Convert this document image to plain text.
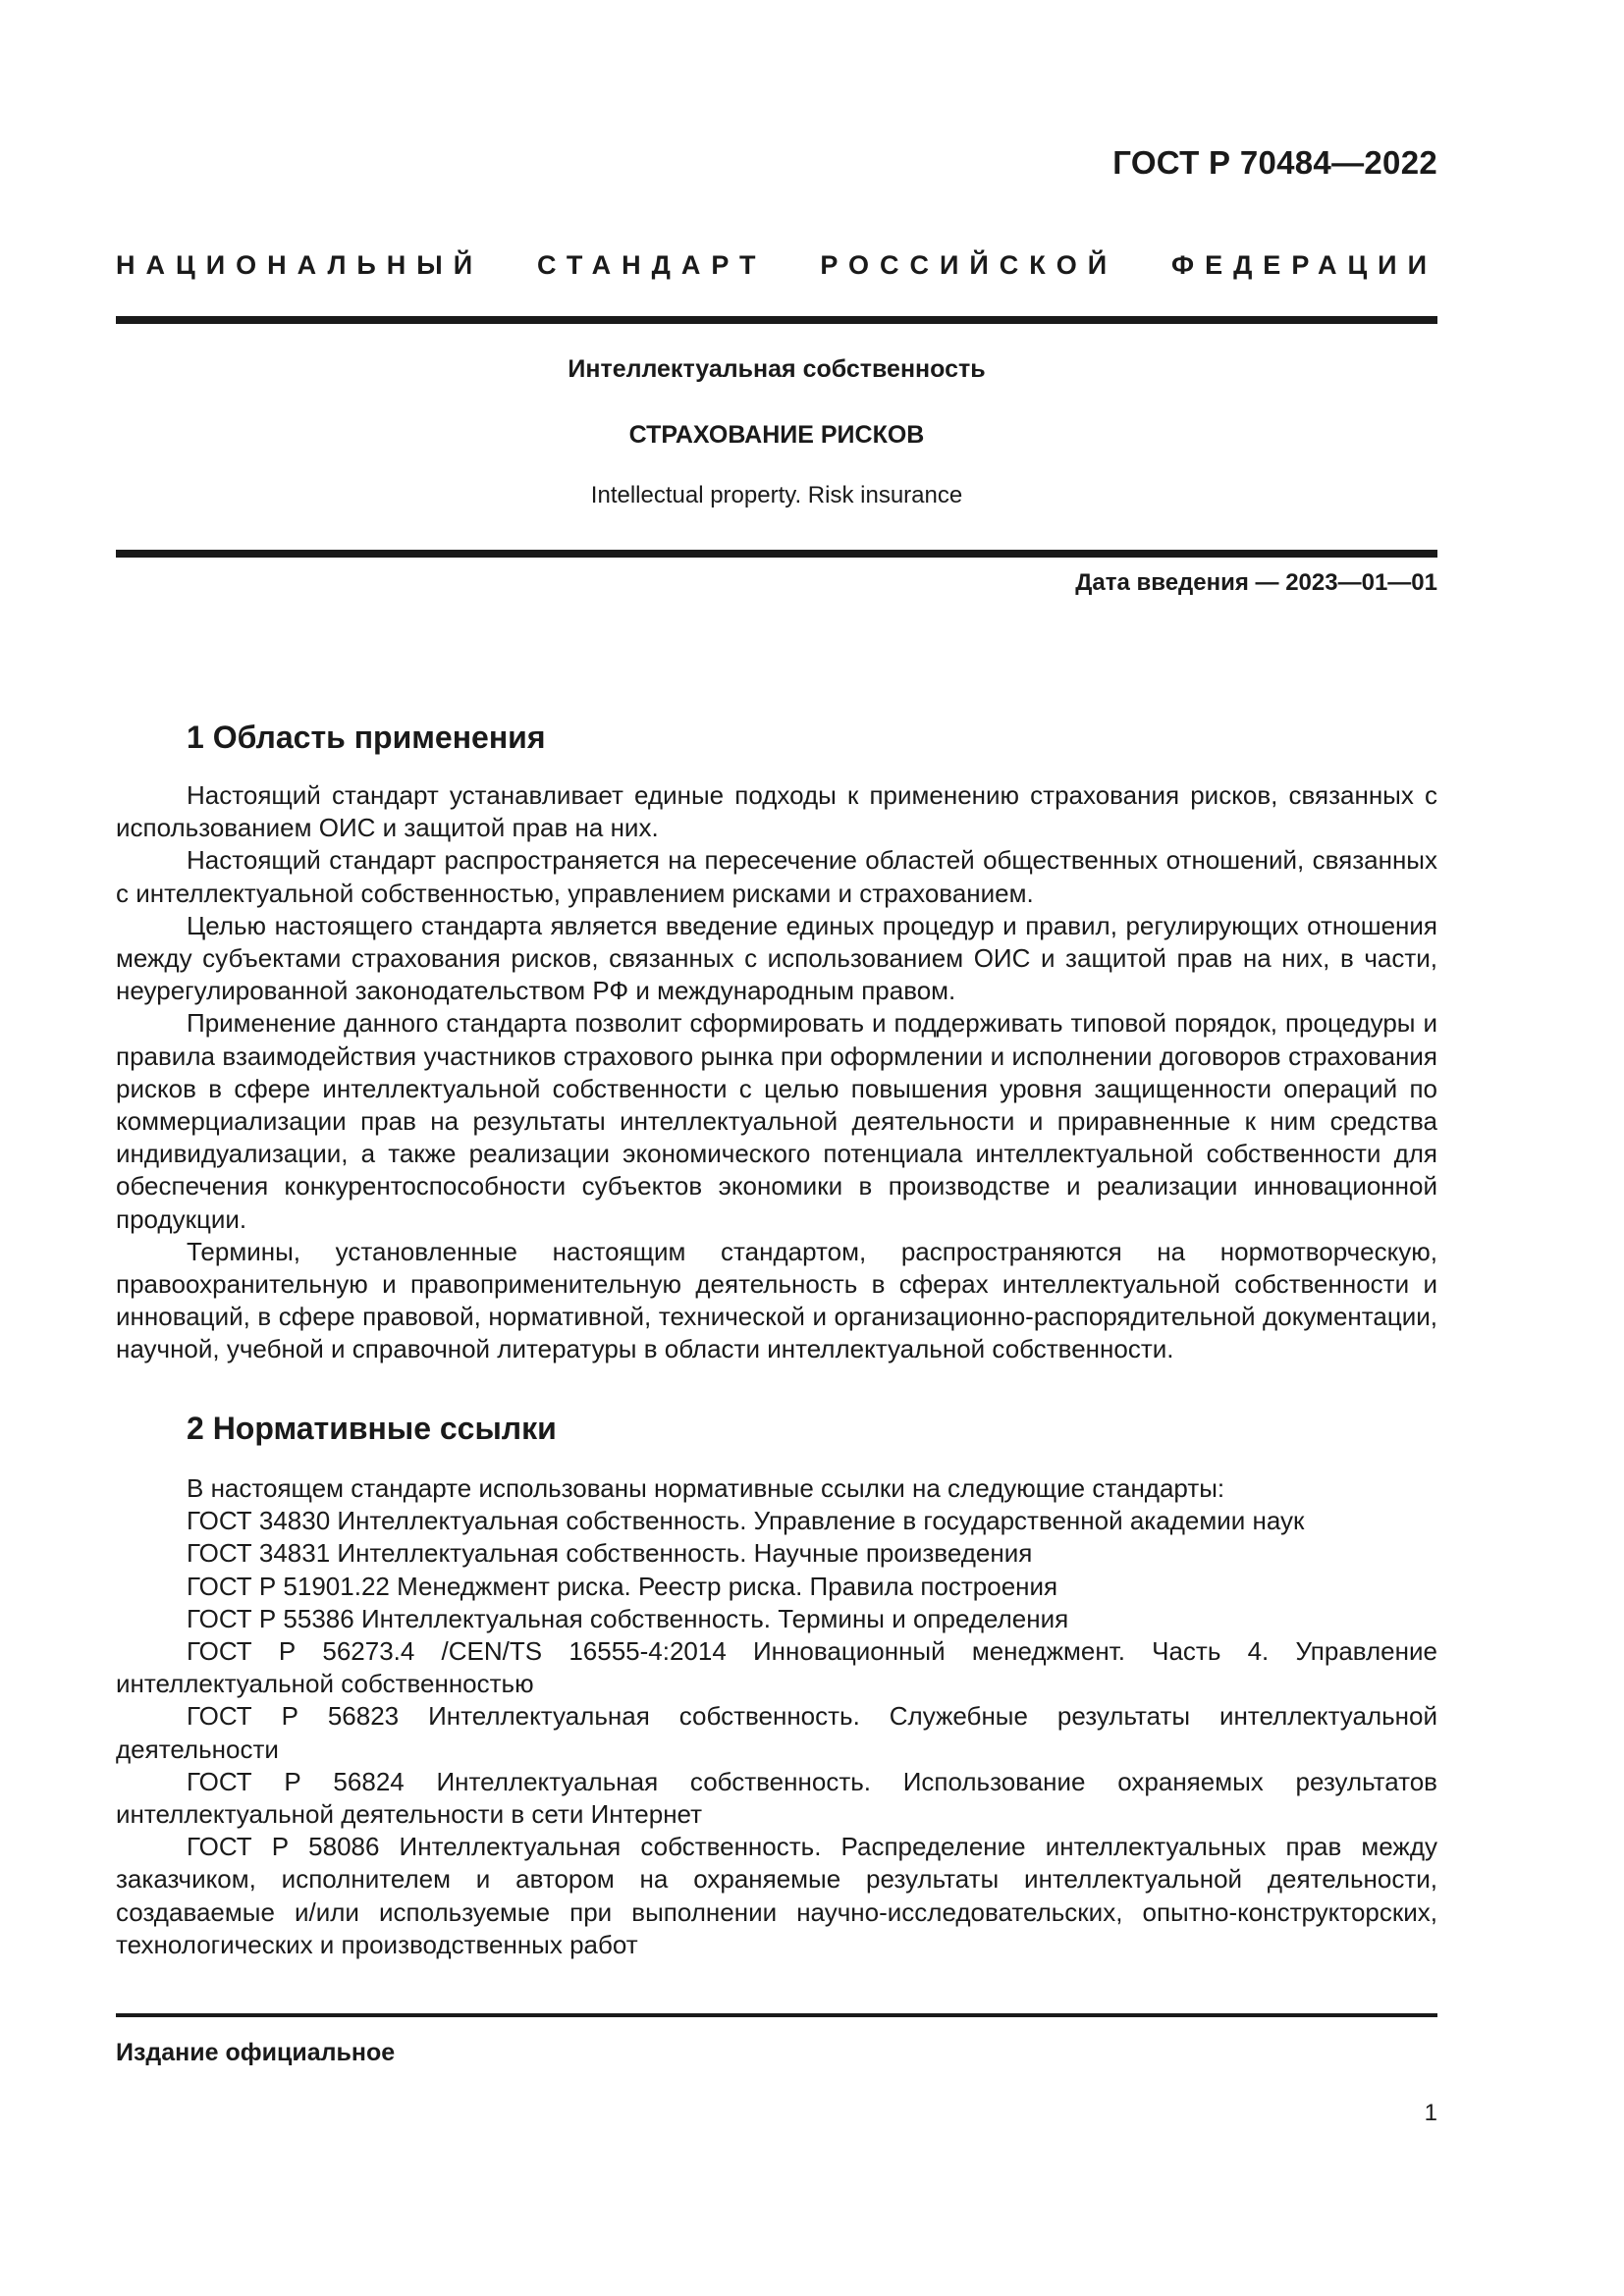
ГОСТ Р 70484—2022
НАЦИОНАЛЬНЫЙ СТАНДАРТ РОССИЙСКОЙ ФЕДЕРАЦИИ
Интеллектуальная собственность
СТРАХОВАНИЕ РИСКОВ
Intellectual property. Risk insurance
Дата введения — 2023—01—01
1 Область применения

Настоящий стандарт устанавливает единые подходы к применению страхования рисков, связанных с использованием ОИС и защитой прав на них.

Настоящий стандарт распространяется на пересечение областей общественных отношений, связанных с интеллектуальной собственностью, управлением рисками и страхованием.

Целью настоящего стандарта является введение единых процедур и правил, регулирующих отношения между субъектами страхования рисков, связанных с использованием ОИС и защитой прав на них, в части, неурегулированной законодательством РФ и международным правом.

Применение данного стандарта позволит сформировать и поддерживать типовой порядок, процедуры и правила взаимодействия участников страхового рынка при оформлении и исполнении договоров страхования рисков в сфере интеллектуальной собственности с целью повышения уровня защищенности операций по коммерциализации прав на результаты интеллектуальной деятельности и приравненные к ним средства индивидуализации, а также реализации экономического потенциала интеллектуальной собственности для обеспечения конкурентоспособности субъектов экономики в производстве и реализации инновационной продукции.

Термины, установленные настоящим стандартом, распространяются на нормотворческую, правоохранительную и правоприменительную деятельность в сферах интеллектуальной собственности и инноваций, в сфере правовой, нормативной, технической и организационно-распорядительной документации, научной, учебной и справочной литературы в области интеллектуальной собственности.

2 Нормативные ссылки

В настоящем стандарте использованы нормативные ссылки на следующие стандарты:

ГОСТ 34830 Интеллектуальная собственность. Управление в государственной академии наук

ГОСТ 34831 Интеллектуальная собственность. Научные произведения

ГОСТ Р 51901.22 Менеджмент риска. Реестр риска. Правила построения

ГОСТ Р 55386 Интеллектуальная собственность. Термины и определения

ГОСТ Р 56273.4 /CEN/TS 16555-4:2014 Инновационный менеджмент. Часть 4. Управление интеллектуальной собственностью

ГОСТ Р 56823 Интеллектуальная собственность. Служебные результаты интеллектуальной деятельности

ГОСТ Р 56824 Интеллектуальная собственность. Использование охраняемых результатов интеллектуальной деятельности в сети Интернет

ГОСТ Р 58086 Интеллектуальная собственность. Распределение интеллектуальных прав между заказчиком, исполнителем и автором на охраняемые результаты интеллектуальной деятельности, создаваемые и/или используемые при выполнении научно-исследовательских, опытно-конструкторских, технологических и производственных работ

Издание официальное
1
